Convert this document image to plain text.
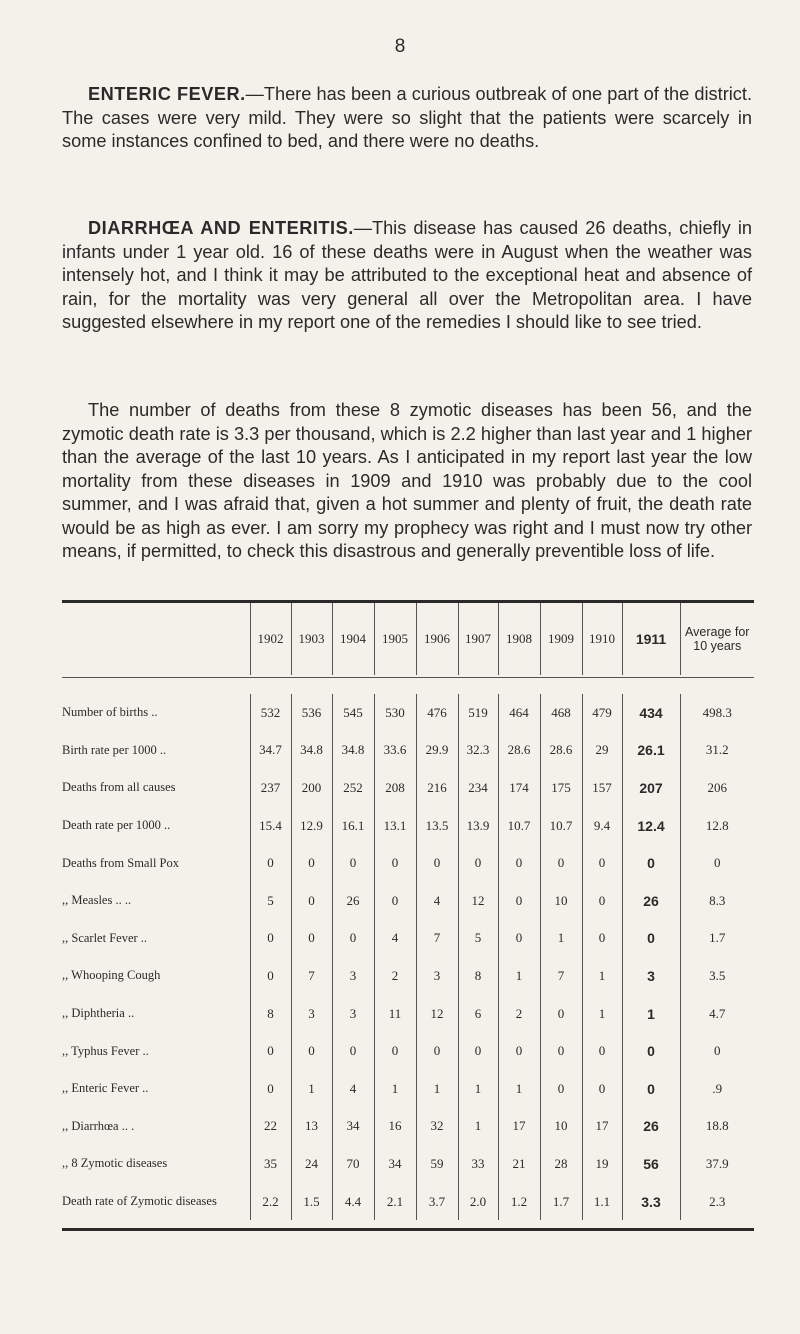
8

ENTERIC FEVER.—There has been a curious outbreak of one part of the district. The cases were very mild. They were so slight that the patients were scarcely in some instances confined to bed, and there were no deaths.

DIARRHŒA AND ENTERITIS.—This disease has caused 26 deaths, chiefly in infants under 1 year old. 16 of these deaths were in August when the weather was intensely hot, and I think it may be attributed to the exceptional heat and absence of rain, for the mortality was very general all over the Metropolitan area. I have suggested elsewhere in my report one of the remedies I should like to see tried.

The number of deaths from these 8 zymotic diseases has been 56, and the zymotic death rate is 3.3 per thousand, which is 2.2 higher than last year and 1 higher than the average of the last 10 years. As I anticipated in my report last year the low mortality from these diseases in 1909 and 1910 was probably due to the cool summer, and I was afraid that, given a hot summer and plenty of fruit, the death rate would be as high as ever. I am sorry my prophecy was right and I must now try other means, if permitted, to check this disastrous and generally preventible loss of life.

	1902	1903	1904	1905	1906	1907	1908	1909	1910	1911	Average for 10 years

Number of births ..	532	536	545	530	476	519	464	468	479	434	498.3
Birth rate per 1000 ..	34.7	34.8	34.8	33.6	29.9	32.3	28.6	28.6	29	26.1	31.2
Deaths from all causes	237	200	252	208	216	234	174	175	157	207	206
Death rate per 1000 ..	15.4	12.9	16.1	13.1	13.5	13.9	10.7	10.7	9.4	12.4	12.8
Deaths from Small Pox	0	0	0	0	0	0	0	0	0	0	0
,, Measles .. ..	5	0	26	0	4	12	0	10	0	26	8.3
,, Scarlet Fever ..	0	0	0	4	7	5	0	1	0	0	1.7
,, Whooping Cough	0	7	3	2	3	8	1	7	1	3	3.5
,, Diphtheria ..	8	3	3	11	12	6	2	0	1	1	4.7
,, Typhus Fever ..	0	0	0	0	0	0	0	0	0	0	0
,, Enteric Fever ..	0	1	4	1	1	1	1	0	0	0	.9
,, Diarrhœa .. .	22	13	34	16	32	1	17	10	17	26	18.8
,, 8 Zymotic diseases	35	24	70	34	59	33	21	28	19	56	37.9
Death rate of Zymotic diseases	2.2	1.5	4.4	2.1	3.7	2.0	1.2	1.7	1.1	3.3	2.3
